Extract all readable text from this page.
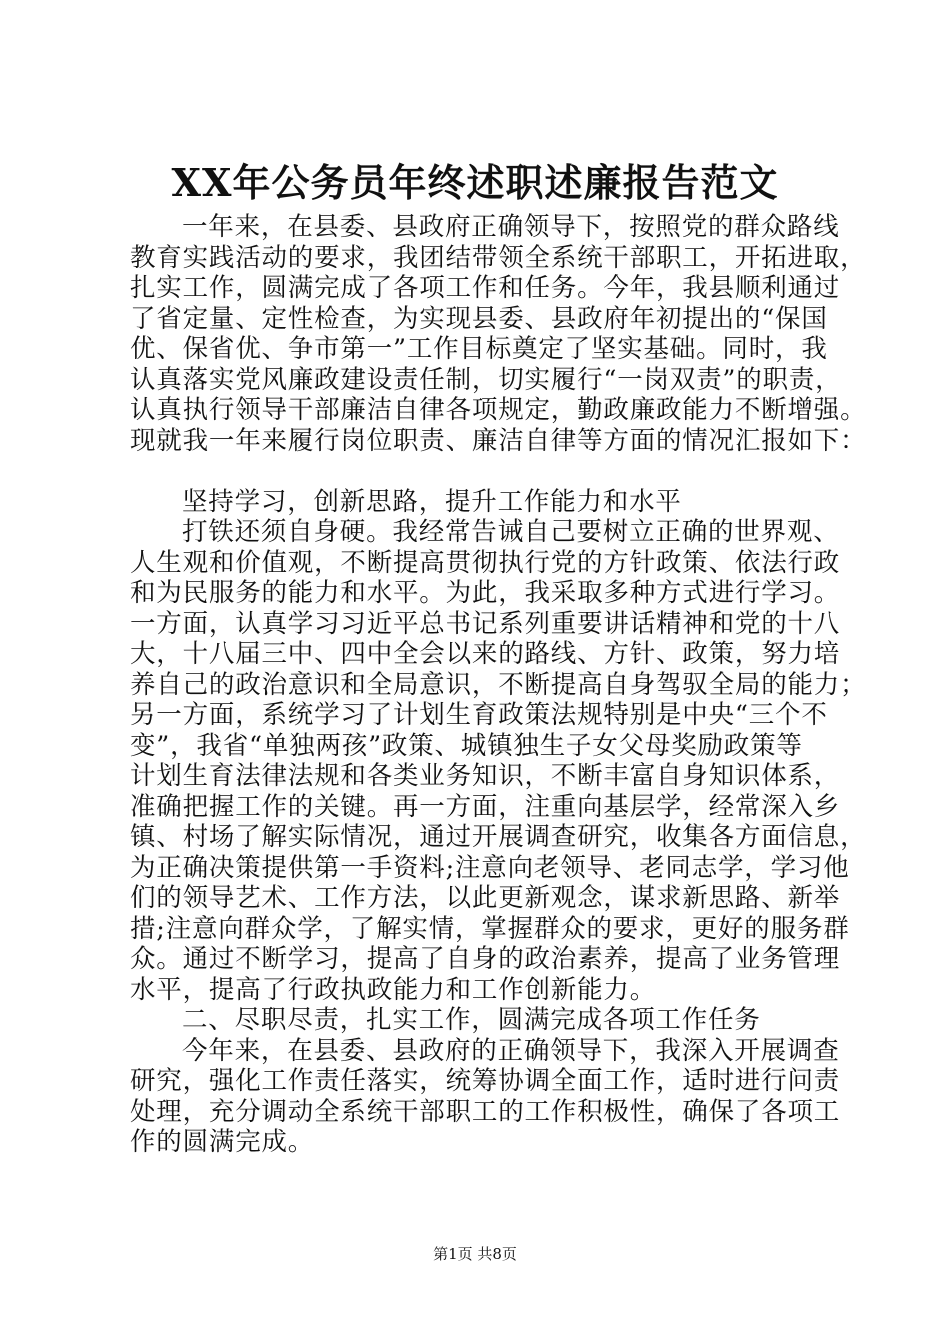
XX年公务员年终述职述廉报告范文
一年来，在县委、县政府正确领导下，按照党的群众路线
教育实践活动的要求，我团结带领全系统干部职工，开拓进取，
扎实工作，圆满完成了各项工作和任务。今年，我县顺利通过
了省定量、定性检查，为实现县委、县政府年初提出的“保国
优、保省优、争市第一”工作目标奠定了坚实基础。同时，我
认真落实党风廉政建设责任制，切实履行“一岗双责”的职责，
认真执行领导干部廉洁自律各项规定，勤政廉政能力不断增强。
现就我一年来履行岗位职责、廉洁自律等方面的情况汇报如下：
坚持学习，创新思路，提升工作能力和水平
打铁还须自身硬。我经常告诫自己要树立正确的世界观、
人生观和价值观，不断提高贯彻执行党的方针政策、依法行政
和为民服务的能力和水平。为此，我采取多种方式进行学习。
一方面，认真学习习近平总书记系列重要讲话精神和党的十八
大，十八届三中、四中全会以来的路线、方针、政策，努力培
养自己的政治意识和全局意识，不断提高自身驾驭全局的能力；
另一方面，系统学习了计划生育政策法规特别是中央“三个不
变”，我省“单独两孩”政策、城镇独生子女父母奖励政策等
计划生育法律法规和各类业务知识，不断丰富自身知识体系，
准确把握工作的关键。再一方面，注重向基层学，经常深入乡
镇、村场了解实际情况，通过开展调查研究，收集各方面信息，
为正确决策提供第一手资料;注意向老领导、老同志学，学习他
们的领导艺术、工作方法，以此更新观念，谋求新思路、新举
措;注意向群众学，了解实情，掌握群众的要求，更好的服务群
众。通过不断学习，提高了自身的政治素养，提高了业务管理
水平，提高了行政执政能力和工作创新能力。
二、尽职尽责，扎实工作，圆满完成各项工作任务
今年来，在县委、县政府的正确领导下，我深入开展调查
研究，强化工作责任落实，统筹协调全面工作，适时进行问责
处理，充分调动全系统干部职工的工作积极性，确保了各项工
作的圆满完成。
第1页 共8页
